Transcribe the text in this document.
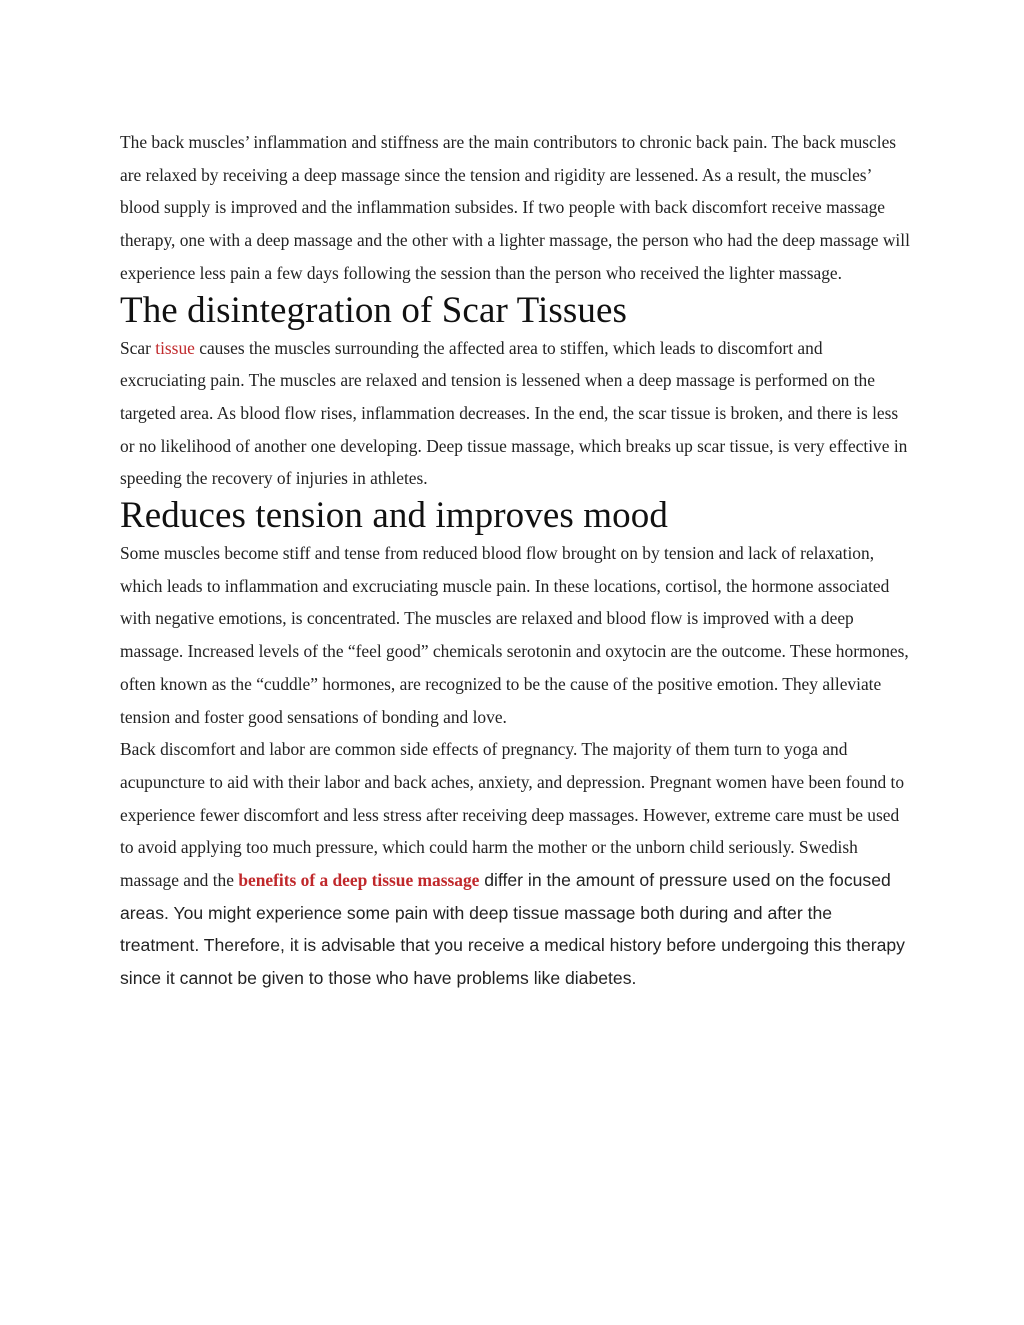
The back muscles’ inflammation and stiffness are the main contributors to chronic back pain. The back muscles are relaxed by receiving a deep massage since the tension and rigidity are lessened. As a result, the muscles’ blood supply is improved and the inflammation subsides. If two people with back discomfort receive massage therapy, one with a deep massage and the other with a lighter massage, the person who had the deep massage will experience less pain a few days following the session than the person who received the lighter massage.

The disintegration of Scar Tissues

Scar tissue causes the muscles surrounding the affected area to stiffen, which leads to discomfort and excruciating pain. The muscles are relaxed and tension is lessened when a deep massage is performed on the targeted area. As blood flow rises, inflammation decreases. In the end, the scar tissue is broken, and there is less or no likelihood of another one developing. Deep tissue massage, which breaks up scar tissue, is very effective in speeding the recovery of injuries in athletes.

Reduces tension and improves mood

Some muscles become stiff and tense from reduced blood flow brought on by tension and lack of relaxation, which leads to inflammation and excruciating muscle pain. In these locations, cortisol, the hormone associated with negative emotions, is concentrated. The muscles are relaxed and blood flow is improved with a deep massage. Increased levels of the “feel good” chemicals serotonin and oxytocin are the outcome. These hormones, often known as the “cuddle” hormones, are recognized to be the cause of the positive emotion. They alleviate tension and foster good sensations of bonding and love.

Back discomfort and labor are common side effects of pregnancy. The majority of them turn to yoga and acupuncture to aid with their labor and back aches, anxiety, and depression. Pregnant women have been found to experience fewer discomfort and less stress after receiving deep massages. However, extreme care must be used to avoid applying too much pressure, which could harm the mother or the unborn child seriously. Swedish massage and the benefits of a deep tissue massage differ in the amount of pressure used on the focused areas. You might experience some pain with deep tissue massage both during and after the treatment. Therefore, it is advisable that you receive a medical history before undergoing this therapy since it cannot be given to those who have problems like diabetes.
